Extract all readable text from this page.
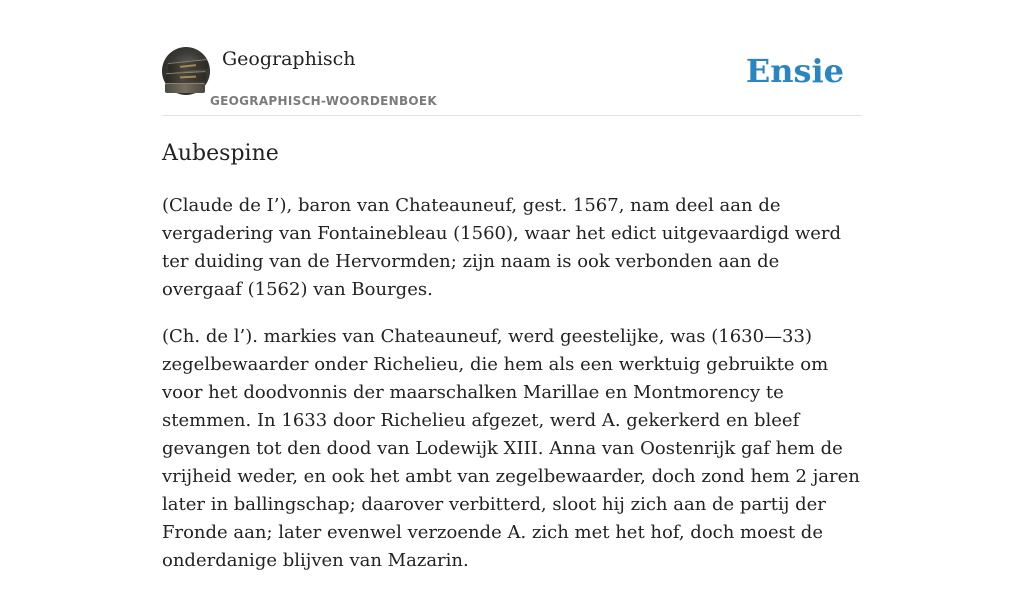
Geographisch
GEOGRAPHISCH-WOORDENBOEK
Ensie
Aubespine

(Claude de I’), baron van Chateauneuf, gest. 1567, nam deel aan de vergadering van Fontainebleau (1560), waar het edict uitgevaardigd werd ter duiding van de Hervormden; zijn naam is ook verbonden aan de overgaaf (1562) van Bourges.

(Ch. de l’). markies van Chateauneuf, werd geestelijke, was (1630—33) zegelbewaarder onder Richelieu, die hem als een werktuig gebruikte om voor het doodvonnis der maarschalken Marillae en Montmorency te stemmen. In 1633 door Richelieu afgezet, werd A. gekerkerd en bleef gevangen tot den dood van Lodewijk XIII. Anna van Oostenrijk gaf hem de vrijheid weder, en ook het ambt van zegelbewaarder, doch zond hem 2 jaren later in ballingschap; daarover verbitterd, sloot hij zich aan de partij der Fronde aan; later evenwel verzoende A. zich met het hof, doch moest de onderdanige blijven van Mazarin.
